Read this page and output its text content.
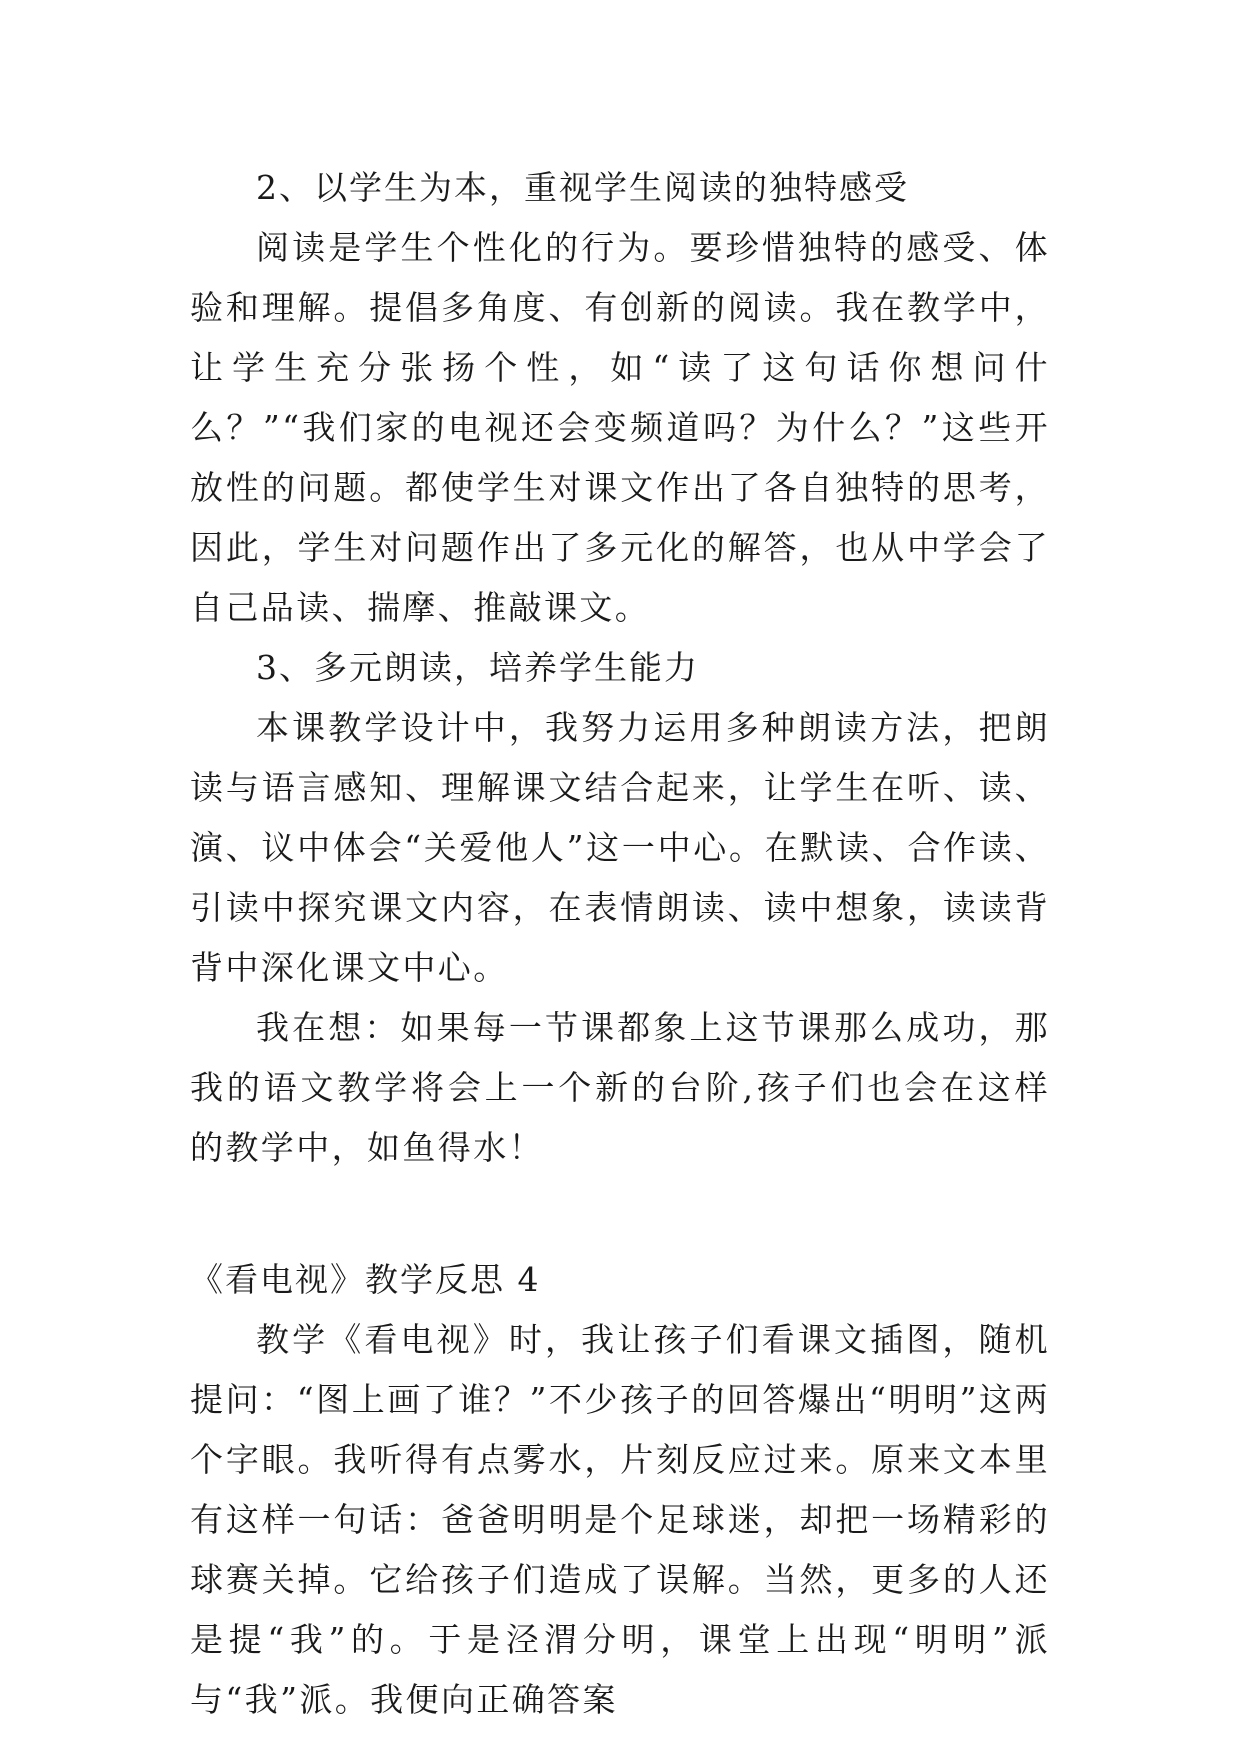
2、以学生为本，重视学生阅读的独特感受

阅读是学生个性化的行为。要珍惜独特的感受、体验和理解。提倡多角度、有创新的阅读。我在教学中，让学生充分张扬个性，如“读了这句话你想问什么？”“我们家的电视还会变频道吗？为什么？”这些开放性的问题。都使学生对课文作出了各自独特的思考，因此，学生对问题作出了多元化的解答，也从中学会了自己品读、揣摩、推敲课文。

3、多元朗读，培养学生能力

本课教学设计中，我努力运用多种朗读方法，把朗读与语言感知、理解课文结合起来，让学生在听、读、演、议中体会“关爱他人”这一中心。在默读、合作读、引读中探究课文内容，在表情朗读、读中想象，读读背背中深化课文中心。

我在想：如果每一节课都象上这节课那么成功，那我的语文教学将会上一个新的台阶,孩子们也会在这样的教学中，如鱼得水！

《看电视》教学反思 4

教学《看电视》时，我让孩子们看课文插图，随机提问：“图上画了谁？”不少孩子的回答爆出“明明”这两个字眼。我听得有点雾水，片刻反应过来。原来文本里有这样一句话：爸爸明明是个足球迷，却把一场精彩的球赛关掉。它给孩子们造成了误解。当然，更多的人还是提“我”的。于是泾渭分明，课堂上出现“明明”派与“我”派。我便向正确答案
